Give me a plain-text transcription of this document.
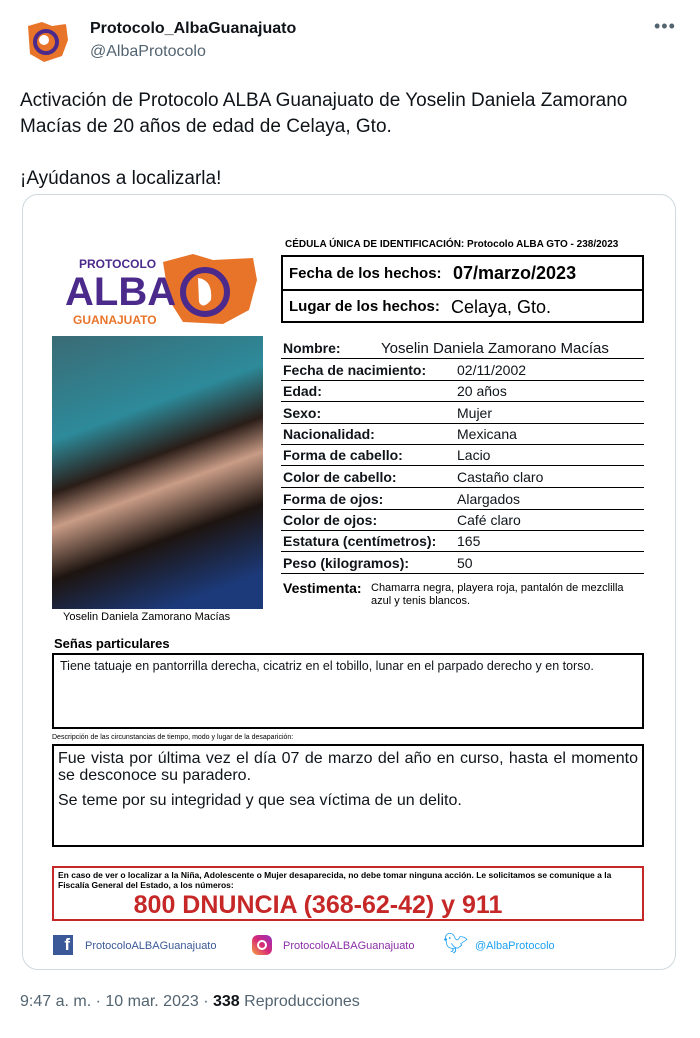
Protocolo_AlbaGuanajuato
@AlbaProtocolo
•••
Activación de Protocolo ALBA Guanajuato de Yoselin Daniela Zamorano Macías de 20 años de edad de Celaya, Gto.
¡Ayúdanos a localizarla!
PROTOCOLO
ALBA
GUANAJUATO
CÉDULA ÚNICA DE IDENTIFICACIÓN: Protocolo ALBA GTO - 238/2023
Fecha de los hechos: 07/marzo/2023
Lugar de los hechos: Celaya, Gto.
Nombre:	Yoselin Daniela Zamorano Macías
Fecha de nacimiento: 02/11/2002
Edad:	20 años
Sexo:	Mujer
Nacionalidad:	Mexicana
Forma de cabello:	Lacio
Color de cabello:	Castaño claro
Forma de ojos:	Alargados
Color de ojos:	Café claro
Estatura (centímetros): 165
Peso (kilogramos):	50
Vestimenta: Chamarra negra, playera roja, pantalón de mezclilla azul y tenis blancos.
Yoselin Daniela Zamorano Macías
Señas particulares
Tiene tatuaje en pantorrilla derecha, cicatriz en el tobillo, lunar en el parpado derecho y en torso.
Descripción de las circunstancias de tiempo, modo y lugar de la desaparición:
Fue vista por última vez el día 07 de marzo del año en curso, hasta el momento se desconoce su paradero.
Se teme por su integridad y que sea víctima de un delito.
En caso de ver o localizar a la Niña, Adolescente o Mujer desaparecida, no debe tomar ninguna acción. Le solicitamos se comunique a la Fiscalía General del Estado, a los números:
800 DNUNCIA (368-62-42) y 911
f ProtocoloALBAGuanajuato	ProtocoloALBAGuanajuato 🐦︎ @AlbaProtocolo
9:47 a. m. · 10 mar. 2023 · 338 Reproducciones
